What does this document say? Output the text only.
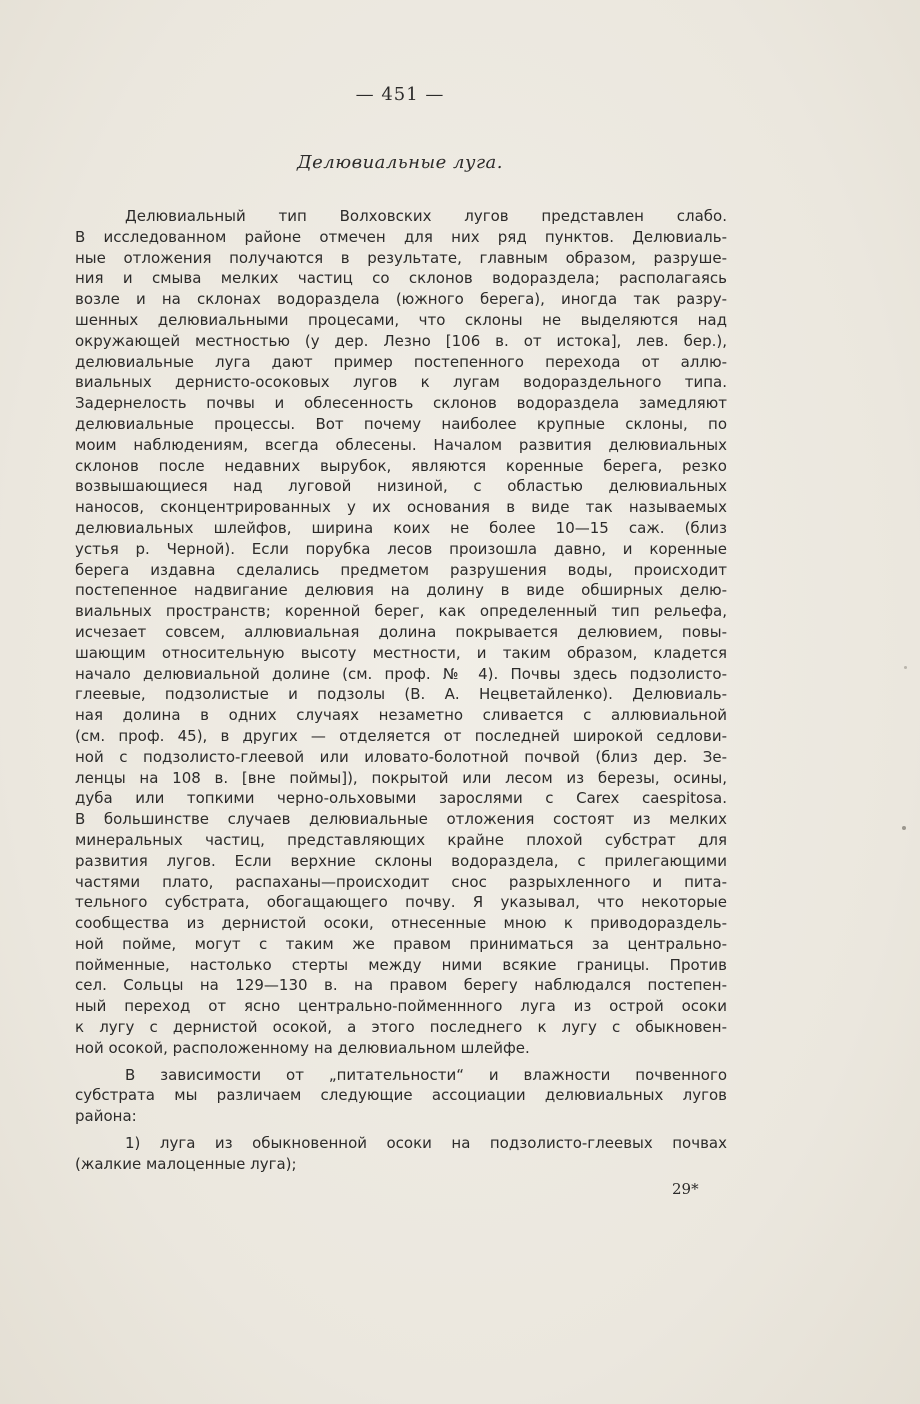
— 451 —
Делювиальные луга.
Делювиальный тип Волховских лугов представлен слабо.
В исследованном районе отмечен для них ряд пунктов. Делювиаль-
ные отложения получаются в результате, главным образом, разруше-
ния и смыва мелких частиц со склонов водораздела; располагаясь
возле и на склонах водораздела (южного берега), иногда так разру-
шенных делювиальными процесами, что склоны не выделяются над
окружающей местностью (у дер. Лезно [106 в. от истока], лев. бер.),
делювиальные луга дают пример постепенного перехода от аллю-
виальных дернисто-осоковых лугов к лугам водораздельного типа.
Задернелость почвы и облесенность склонов водораздела замедляют
делювиальные процессы. Вот почему наиболее крупные склоны, по
моим наблюдениям, всегда облесены. Началом развития делювиальных
склонов после недавних вырубок, являются коренные берега, резко
возвышающиеся над луговой низиной, с областью делювиальных
наносов, сконцентрированных у их основания в виде так называемых
делювиальных шлейфов, ширина коих не более 10—15 саж. (близ
устья р. Черной). Если порубка лесов произошла давно, и коренные
берега издавна сделались предметом разрушения воды, происходит
постепенное надвигание делювия на долину в виде обширных делю-
виальных пространств; коренной берег, как определенный тип рельефа,
исчезает совсем, аллювиальная долина покрывается делювием, повы-
шающим относительную высоту местности, и таким образом, кладется
начало делювиальной долине (см. проф. № 4). Почвы здесь подзолисто-
глеевые, подзолистые и подзолы (В. А. Нецветайленко). Делювиаль-
ная долина в одних случаях незаметно сливается с аллювиальной
(см. проф. 45), в других — отделяется от последней широкой седлови-
ной с подзолисто-глеевой или иловато-болотной почвой (близ дер. Зе-
ленцы на 108 в. [вне поймы]), покрытой или лесом из березы, осины,
дуба или топкими черно-ольховыми зарослями с Carex caespitosa.
В большинстве случаев делювиальные отложения состоят из мелких
минеральных частиц, представляющих крайне плохой субстрат для
развития лугов. Если верхние склоны водораздела, с прилегающими
частями плато, распаханы—происходит снос разрыхленного и пита-
тельного субстрата, обогащающего почву. Я указывал, что некоторые
сообщества из дернистой осоки, отнесенные мною к приводораздель-
ной пойме, могут с таким же правом приниматься за центрально-
пойменные, настолько стерты между ними всякие границы. Против
сел. Сольцы на 129—130 в. на правом берегу наблюдался постепен-
ный переход от ясно центрально-пойменнного луга из острой осоки
к лугу с дернистой осокой, а этого последнего к лугу с обыкновен-
ной осокой, расположенному на делювиальном шлейфе.
В зависимости от „питательности“ и влажности почвенного
субстрата мы различаем следующие ассоциации делювиальных лугов
района:
1) луга из обыкновенной осоки на подзолисто-глеевых почвах
(жалкие малоценные луга);
29*
